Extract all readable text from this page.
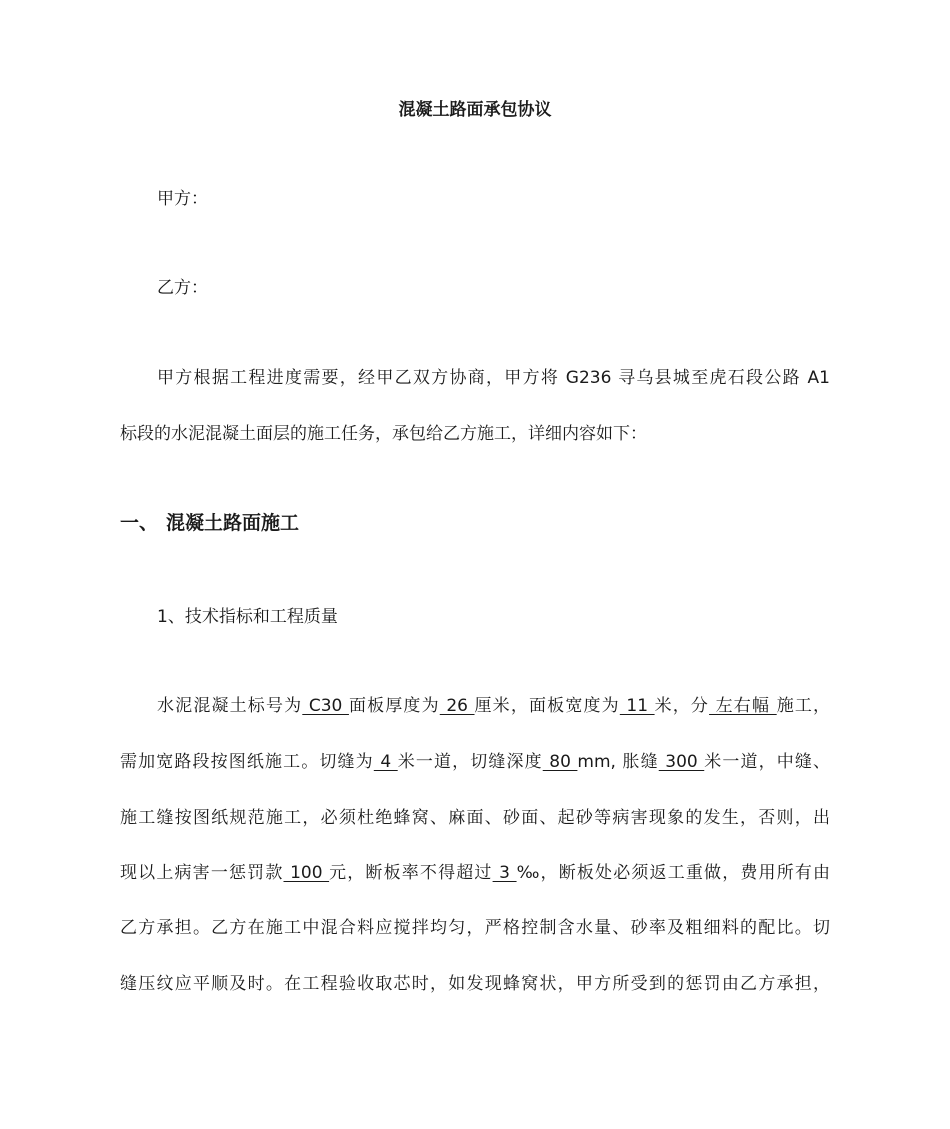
混凝土路面承包协议
甲方：
乙方：
甲方根据工程进度需要，经甲乙双方协商，甲方将 G236 寻乌县城至虎石段公路 A1
标段的水泥混凝土面层的施工任务，承包给乙方施工，详细内容如下：
一、 混凝土路面施工
1、技术指标和工程质量
水泥混凝土标号为 C30 面板厚度为 26 厘米，面板宽度为 11 米，分 左右幅 施工，
需加宽路段按图纸施工。切缝为 4 米一道，切缝深度 80 mm, 胀缝 300 米一道，中缝、
施工缝按图纸规范施工，必须杜绝蜂窝、麻面、砂面、起砂等病害现象的发生，否则，出
现以上病害一惩罚款 100 元，断板率不得超过 3 ‰，断板处必须返工重做，费用所有由
乙方承担。乙方在施工中混合料应搅拌均匀，严格控制含水量、砂率及粗细料的配比。切
缝压纹应平顺及时。在工程验收取芯时，如发现蜂窝状，甲方所受到的惩罚由乙方承担，
